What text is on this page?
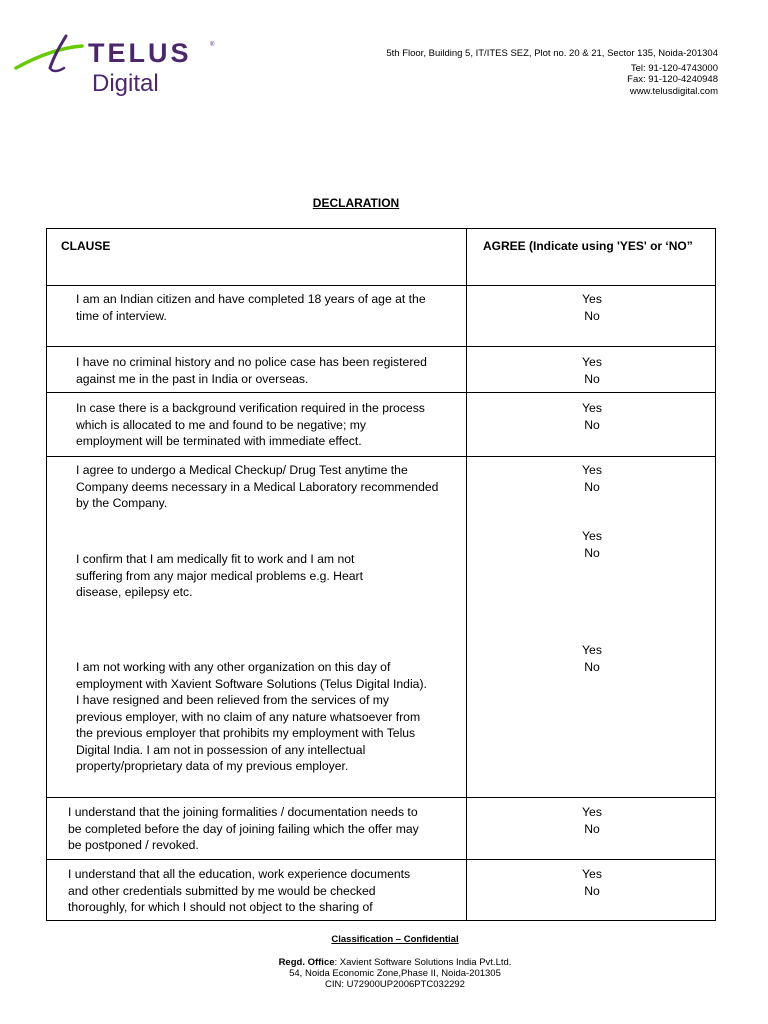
TELUS	®
Digital
5th Floor, Building 5, IT/ITES SEZ, Plot no. 20 & 21, Sector 135, Noida-201304
Tel: 91-120-4743000
Fax: 91-120-4240948
www.telusdigital.com
DECLARATION
CLAUSE	AGREE (Indicate using 'YES' or ‘NO”
I am an Indian citizen and have completed 18 years of age at the
time of interview.
Yes
No
I have no criminal history and no police case has been registered
against me in the past in India or overseas.
Yes
No
In case there is a background verification required in the process
which is allocated to me and found to be negative; my
employment will be terminated with immediate effect.
Yes
No
I agree to undergo a Medical Checkup/ Drug Test anytime the
Company deems necessary in a Medical Laboratory recommended
by the Company.
Yes
No
I confirm that I am medically fit to work and I am not
suffering from any major medical problems e.g. Heart
disease, epilepsy etc.
Yes
No
I am not working with any other organization on this day of
employment with Xavient Software Solutions (Telus Digital India).
I have resigned and been relieved from the services of my
previous employer, with no claim of any nature whatsoever from
the previous employer that prohibits my employment with Telus
Digital India. I am not in possession of any intellectual
property/proprietary data of my previous employer.
Yes
No
I understand that the joining formalities / documentation needs to
be completed before the day of joining failing which the offer may
be postponed / revoked.
Yes
No
I understand that all the education, work experience documents
and other credentials submitted by me would be checked
thoroughly, for which I should not object to the sharing of
Yes
No
Classification – Confidential
Regd. Office: Xavient Software Solutions India Pvt.Ltd.
54, Noida Economic Zone,Phase II, Noida-201305
CIN: U72900UP2006PTC032292
